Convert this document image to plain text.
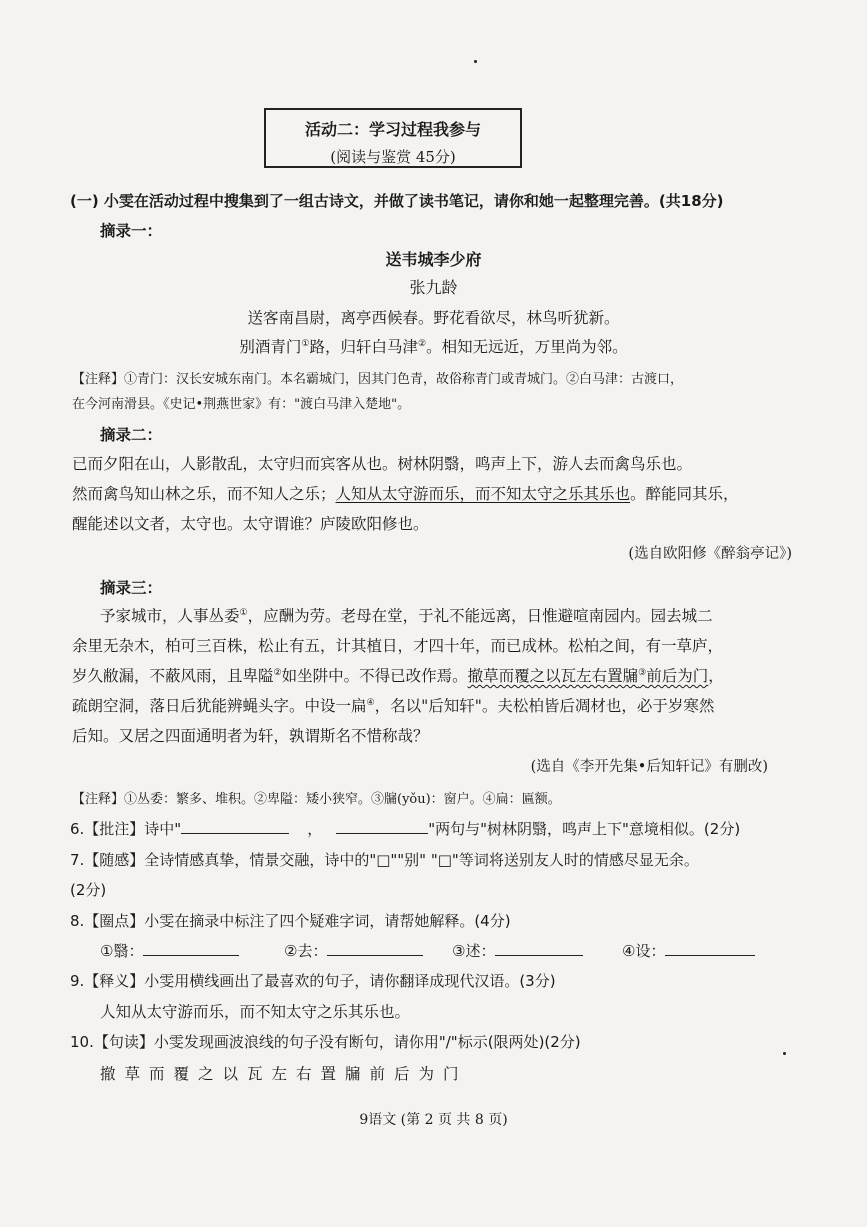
活动二：学习过程我参与
(阅读与鉴赏 45分)
(一) 小雯在活动过程中搜集到了一组古诗文，并做了读书笔记，请你和她一起整理完善。(共18分)
摘录一：
送韦城李少府
张九龄
送客南昌尉，离亭西候春。野花看欲尽，林鸟听犹新。
别酒青门①路，归轩白马津②。相知无远近，万里尚为邻。
【注释】①青门：汉长安城东南门。本名霸城门，因其门色青，故俗称青门或青城门。②白马津：古渡口，
在今河南滑县。《史记•荆燕世家》有："渡白马津入楚地"。
摘录二：
已而夕阳在山，人影散乱，太守归而宾客从也。树林阴翳，鸣声上下，游人去而禽鸟乐也。
然而禽鸟知山林之乐，而不知人之乐；人知从太守游而乐，而不知太守之乐其乐也。醉能同其乐，
醒能述以文者，太守也。太守谓谁？庐陵欧阳修也。
(选自欧阳修《醉翁亭记》)
摘录三：
予家城市，人事丛委①，应酬为劳。老母在堂，于礼不能远离，日惟避喧南园内。园去城二
余里无杂木，柏可三百株，松止有五，计其植日，才四十年，而已成林。松柏之间，有一草庐，
岁久敝漏，不蔽风雨，且卑隘②如坐阱中。不得已改作焉。撤草而覆之以瓦左右置牖③前后为门，
疏朗空洞，落日后犹能辨蝇头字。中设一扁④，名以"后知轩"。夫松柏皆后凋材也，必于岁寒然
后知。又居之四面通明者为轩，孰谓斯名不惜称哉？
(选自《李开先集•后知轩记》有删改)
【注释】①丛委：繁多、堆积。②卑隘：矮小狭窄。③牖(yǒu)：窗户。④扁：匾额。
6.【批注】诗中"	，	"两句与"树林阴翳，鸣声上下"意境相似。(2分)
7.【随感】全诗情感真挚，情景交融，诗中的"□""别" "□"等词将送别友人时的情感尽显无余。
(2分)
8.【圈点】小雯在摘录中标注了四个疑难字词，请帮她解释。(4分)
①翳：	②去：	③述：	④设：
9.【释义】小雯用横线画出了最喜欢的句子，请你翻译成现代汉语。(3分)
人知从太守游而乐，而不知太守之乐其乐也。
10.【句读】小雯发现画波浪线的句子没有断句，请你用"/"标示(限两处)(2分)
撤草而覆之以瓦左右置牖前后为门
9语文 (第 2 页 共 8 页)
